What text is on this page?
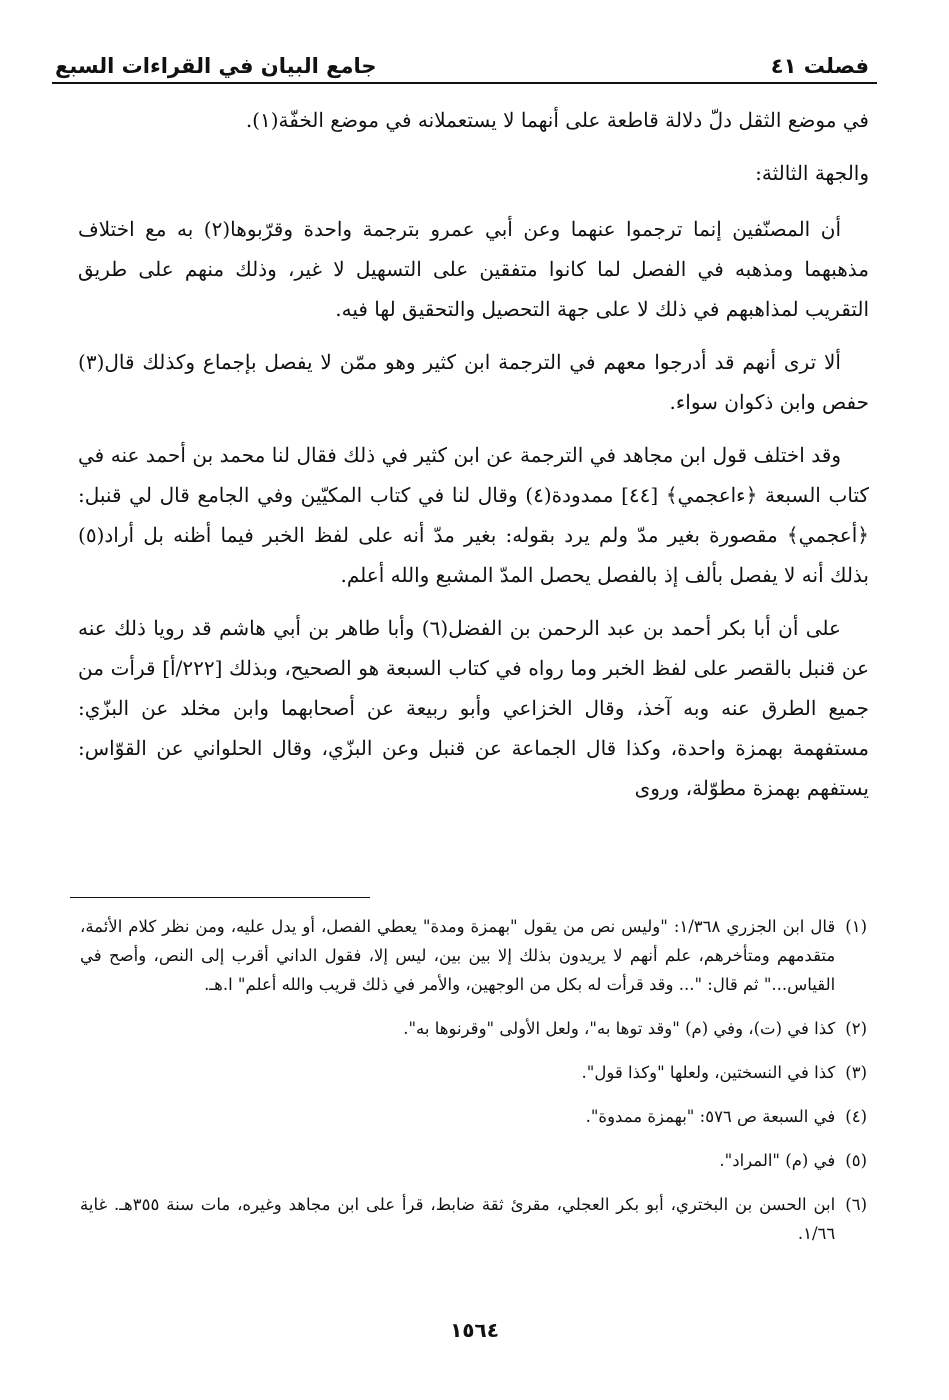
فصلت ٤١
جامع البيان في القراءات السبع

في موضع الثقل دلّ دلالة قاطعة على أنهما لا يستعملانه في موضع الخفّة(١).

والجهة الثالثة:

أن المصنّفين إنما ترجموا عنهما وعن أبي عمرو بترجمة واحدة وقرّبوها(٢) به مع اختلاف مذهبهما ومذهبه في الفصل لما كانوا متفقين على التسهيل لا غير، وذلك منهم على طريق التقريب لمذاهبهم في ذلك لا على جهة التحصيل والتحقيق لها فيه.

ألا ترى أنهم قد أدرجوا معهم في الترجمة ابن كثير وهو ممّن لا يفصل بإجماع وكذلك قال(٣) حفص وابن ذكوان سواء.

وقد اختلف قول ابن مجاهد في الترجمة عن ابن كثير في ذلك فقال لنا محمد بن أحمد عنه في كتاب السبعة ﴿ءاعجمي﴾ [٤٤] ممدودة(٤) وقال لنا في كتاب المكيّين وفي الجامع قال لي قنبل: ﴿أعجمي﴾ مقصورة بغير مدّ ولم يرد بقوله: بغير مدّ أنه على لفظ الخبر فيما أظنه بل أراد(٥) بذلك أنه لا يفصل بألف إذ بالفصل يحصل المدّ المشبع والله أعلم.

على أن أبا بكر أحمد بن عبد الرحمن بن الفضل(٦) وأبا طاهر بن أبي هاشم قد رويا ذلك عنه عن قنبل بالقصر على لفظ الخبر وما رواه في كتاب السبعة هو الصحيح، وبذلك [٢٢٢/أ] قرأت من جميع الطرق عنه وبه آخذ، وقال الخزاعي وأبو ربيعة عن أصحابهما وابن مخلد عن البزّي: مستفهمة بهمزة واحدة، وكذا قال الجماعة عن قنبل وعن البزّي، وقال الحلواني عن القوّاس: يستفهم بهمزة مطوّلة، وروى

(١)
قال ابن الجزري ١/٣٦٨: "وليس نص من يقول "بهمزة ومدة" يعطي الفصل، أو يدل عليه، ومن نظر كلام الأئمة، متقدمهم ومتأخرهم، علم أنهم لا يريدون بذلك إلا بين بين، ليس إلا، فقول الداني أقرب إلى النص، وأصح في القياس..." ثم قال: "... وقد قرأت له بكل من الوجهين، والأمر في ذلك قريب والله أعلم" ا.هـ.
(٢)
كذا في (ت)، وفي (م) "وقد توها به"، ولعل الأولى "وقرنوها به".
(٣)
كذا في النسختين، ولعلها "وكذا قول".
(٤)
في السبعة ص ٥٧٦: "بهمزة ممدوة".
(٥)
في (م) "المراد".
(٦)
ابن الحسن بن البختري، أبو بكر العجلي، مقرئ ثقة ضابط، قرأ على ابن مجاهد وغيره، مات سنة ٣٥٥هـ. غاية ١/٦٦.
١٥٦٤
